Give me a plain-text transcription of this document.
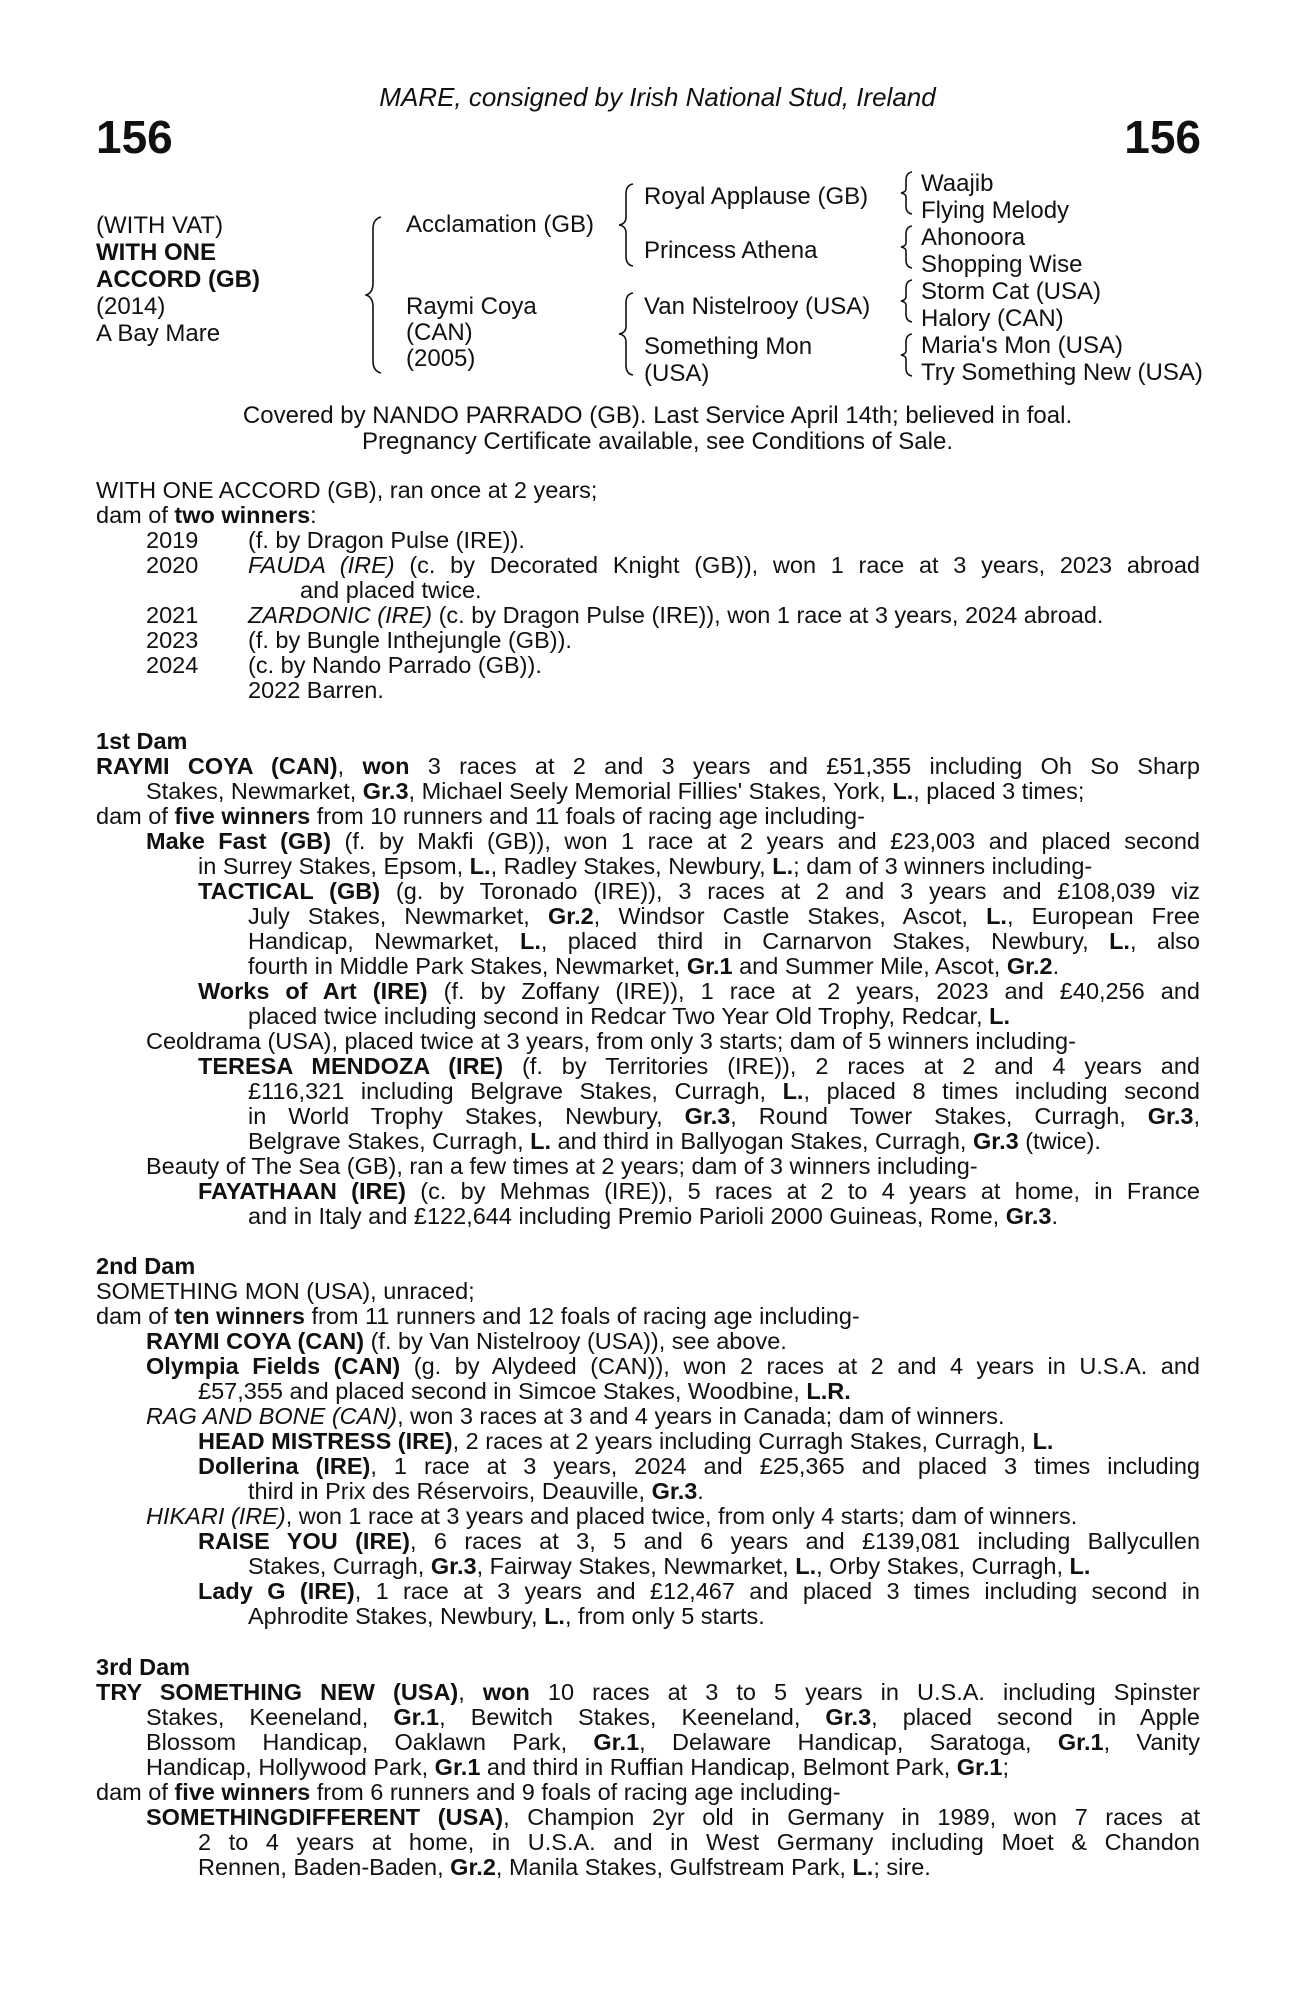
MARE, consigned by Irish National Stud, Ireland
156	156
(WITH VAT)
WITH ONE
ACCORD (GB)
(2014)
A Bay Mare
Acclamation (GB)
Raymi Coya
(CAN)
(2005)
Royal Applause (GB)
Princess Athena
Van Nistelrooy (USA)
Something Mon
(USA)
Waajib
Flying Melody
Ahonoora
Shopping Wise
Storm Cat (USA)
Halory (CAN)
Maria's Mon (USA)
Try Something New (USA)
Covered by NANDO PARRADO (GB). Last Service April 14th; believed in foal.
Pregnancy Certificate available, see Conditions of Sale.
WITH ONE ACCORD (GB), ran once at 2 years;
dam of two winners:
2019 (f. by Dragon Pulse (IRE)).
2020 FAUDA (IRE) (c. by Decorated Knight (GB)), won 1 race at 3 years, 2023 abroad
and placed twice.
2021 ZARDONIC (IRE) (c. by Dragon Pulse (IRE)), won 1 race at 3 years, 2024 abroad.
2023 (f. by Bungle Inthejungle (GB)).
2024 (c. by Nando Parrado (GB)).
2022 Barren.
1st Dam
RAYMI COYA (CAN), won 3 races at 2 and 3 years and £51,355 including Oh So Sharp
Stakes, Newmarket, Gr.3, Michael Seely Memorial Fillies' Stakes, York, L., placed 3 times;
dam of five winners from 10 runners and 11 foals of racing age including-
Make Fast (GB) (f. by Makfi (GB)), won 1 race at 2 years and £23,003 and placed second
in Surrey Stakes, Epsom, L., Radley Stakes, Newbury, L.; dam of 3 winners including-
TACTICAL (GB) (g. by Toronado (IRE)), 3 races at 2 and 3 years and £108,039 viz
July Stakes, Newmarket, Gr.2, Windsor Castle Stakes, Ascot, L., European Free
Handicap, Newmarket, L., placed third in Carnarvon Stakes, Newbury, L., also
fourth in Middle Park Stakes, Newmarket, Gr.1 and Summer Mile, Ascot, Gr.2.
Works of Art (IRE) (f. by Zoffany (IRE)), 1 race at 2 years, 2023 and £40,256 and
placed twice including second in Redcar Two Year Old Trophy, Redcar, L.
Ceoldrama (USA), placed twice at 3 years, from only 3 starts; dam of 5 winners including-
TERESA MENDOZA (IRE) (f. by Territories (IRE)), 2 races at 2 and 4 years and
£116,321 including Belgrave Stakes, Curragh, L., placed 8 times including second
in World Trophy Stakes, Newbury, Gr.3, Round Tower Stakes, Curragh, Gr.3,
Belgrave Stakes, Curragh, L. and third in Ballyogan Stakes, Curragh, Gr.3 (twice).
Beauty of The Sea (GB), ran a few times at 2 years; dam of 3 winners including-
FAYATHAAN (IRE) (c. by Mehmas (IRE)), 5 races at 2 to 4 years at home, in France
and in Italy and £122,644 including Premio Parioli 2000 Guineas, Rome, Gr.3.
2nd Dam
SOMETHING MON (USA), unraced;
dam of ten winners from 11 runners and 12 foals of racing age including-
RAYMI COYA (CAN) (f. by Van Nistelrooy (USA)), see above.
Olympia Fields (CAN) (g. by Alydeed (CAN)), won 2 races at 2 and 4 years in U.S.A. and
£57,355 and placed second in Simcoe Stakes, Woodbine, L.R.
RAG AND BONE (CAN), won 3 races at 3 and 4 years in Canada; dam of winners.
HEAD MISTRESS (IRE), 2 races at 2 years including Curragh Stakes, Curragh, L.
Dollerina (IRE), 1 race at 3 years, 2024 and £25,365 and placed 3 times including
third in Prix des Réservoirs, Deauville, Gr.3.
HIKARI (IRE), won 1 race at 3 years and placed twice, from only 4 starts; dam of winners.
RAISE YOU (IRE), 6 races at 3, 5 and 6 years and £139,081 including Ballycullen
Stakes, Curragh, Gr.3, Fairway Stakes, Newmarket, L., Orby Stakes, Curragh, L.
Lady G (IRE), 1 race at 3 years and £12,467 and placed 3 times including second in
Aphrodite Stakes, Newbury, L., from only 5 starts.
3rd Dam
TRY SOMETHING NEW (USA), won 10 races at 3 to 5 years in U.S.A. including Spinster
Stakes, Keeneland, Gr.1, Bewitch Stakes, Keeneland, Gr.3, placed second in Apple
Blossom Handicap, Oaklawn Park, Gr.1, Delaware Handicap, Saratoga, Gr.1, Vanity
Handicap, Hollywood Park, Gr.1 and third in Ruffian Handicap, Belmont Park, Gr.1;
dam of five winners from 6 runners and 9 foals of racing age including-
SOMETHINGDIFFERENT (USA), Champion 2yr old in Germany in 1989, won 7 races at
2 to 4 years at home, in U.S.A. and in West Germany including Moet & Chandon
Rennen, Baden-Baden, Gr.2, Manila Stakes, Gulfstream Park, L.; sire.
